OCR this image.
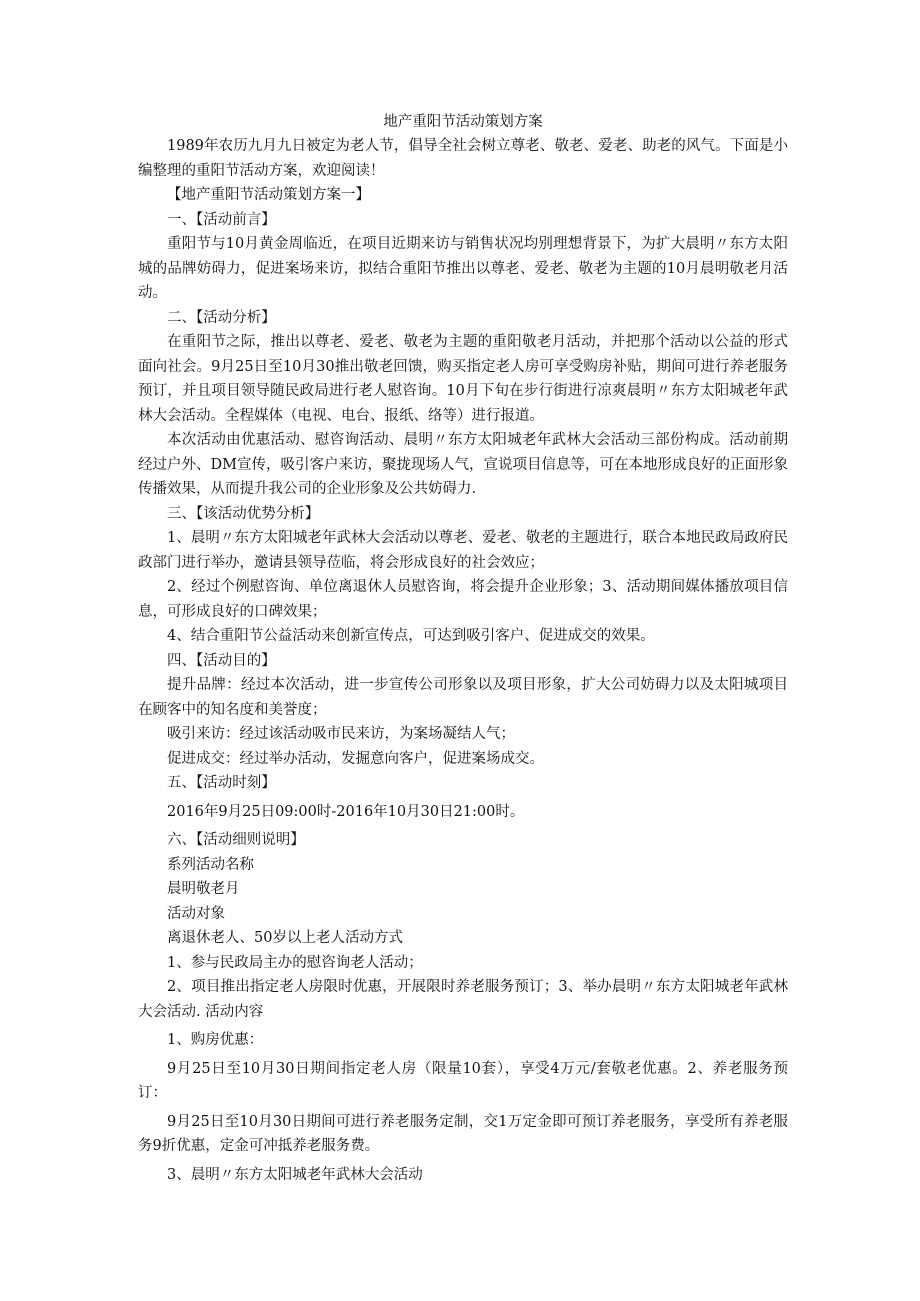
地产重阳节活动策划方案

1989年农历九月九日被定为老人节，倡导全社会树立尊老、敬老、爱老、助老的风气。下面是小编整理的重阳节活动方案，欢迎阅读！

【地产重阳节活动策划方案一】

一、【活动前言】

重阳节与10月黄金周临近，在项目近期来访与销售状况均别理想背景下，为扩大晨明〃东方太阳城的品牌妨碍力，促进案场来访，拟结合重阳节推出以尊老、爱老、敬老为主题的10月晨明敬老月活动。

二、【活动分析】

在重阳节之际，推出以尊老、爱老、敬老为主题的重阳敬老月活动，并把那个活动以公益的形式面向社会。9月25日至10月30推出敬老回馈，购买指定老人房可享受购房补贴，期间可进行养老服务预订，并且项目领导随民政局进行老人慰咨询。10月下旬在步行街进行凉爽晨明〃东方太阳城老年武林大会活动。全程媒体（电视、电台、报纸、络等）进行报道。

本次活动由优惠活动、慰咨询活动、晨明〃东方太阳城老年武林大会活动三部份构成。活动前期经过户外、DM宣传，吸引客户来访，聚拢现场人气，宣说项目信息等，可在本地形成良好的正面形象传播效果，从而提升我公司的企业形象及公共妨碍力.

三、【该活动优势分析】

1、晨明〃东方太阳城老年武林大会活动以尊老、爱老、敬老的主题进行，联合本地民政局政府民政部门进行举办，邀请县领导莅临，将会形成良好的社会效应；

2、经过个例慰咨询、单位离退休人员慰咨询，将会提升企业形象；3、活动期间媒体播放项目信息，可形成良好的口碑效果；

4、结合重阳节公益活动来创新宣传点，可达到吸引客户、促进成交的效果。

四、【活动目的】

提升品牌：经过本次活动，进一步宣传公司形象以及项目形象，扩大公司妨碍力以及太阳城项目在顾客中的知名度和美誉度；

吸引来访：经过该活动吸市民来访，为案场凝结人气；

促进成交：经过举办活动，发掘意向客户，促进案场成交。

五、【活动时刻】

2016年9月25日09:00时-2016年10月30日21:00时。

六、【活动细则说明】

系列活动名称

晨明敬老月

活动对象

离退休老人、50岁以上老人活动方式

1、参与民政局主办的慰咨询老人活动；

2、项目推出指定老人房限时优惠，开展限时养老服务预订；3、举办晨明〃东方太阳城老年武林大会活动. 活动内容

1、购房优惠：

9月25日至10月30日期间指定老人房（限量10套），享受4万元/套敬老优惠。2、养老服务预订：

9月25日至10月30日期间可进行养老服务定制，交1万定金即可预订养老服务，享受所有养老服务9折优惠，定金可冲抵养老服务费。

3、晨明〃东方太阳城老年武林大会活动
